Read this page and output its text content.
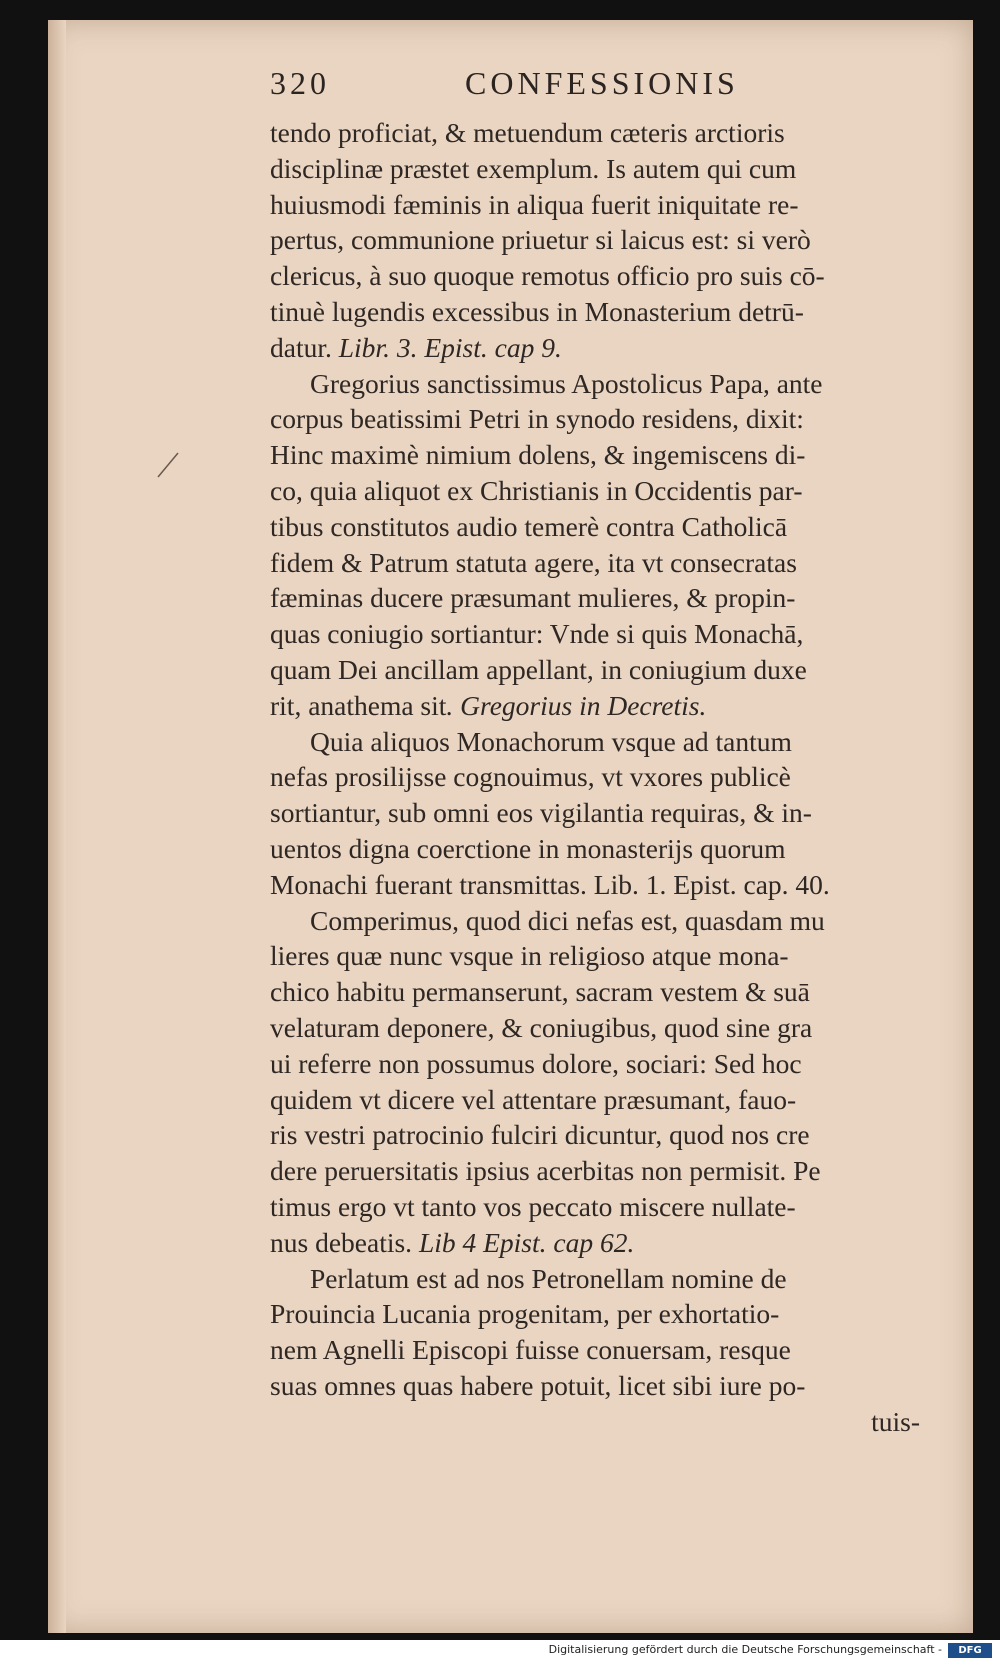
320	CONFESSIONIS
tendo proficiat, & metuendum cæteris arctioris
disciplinæ præstet exemplum. Is autem qui cum
huiusmodi fæminis in aliqua fuerit iniquitate re-
pertus, communione priuetur si laicus est: si verò
clericus, à suo quoque remotus officio pro suis cō-
tinuè lugendis excessibus in Monasterium detrū-
datur. Libr. 3. Epist. cap 9.
Gregorius sanctissimus Apostolicus Papa, ante
corpus beatissimi Petri in synodo residens, dixit:
Hinc maximè nimium dolens, & ingemiscens di-
co, quia aliquot ex Christianis in Occidentis par-
tibus constitutos audio temerè contra Catholicā
fidem & Patrum statuta agere, ita vt consecratas
fæminas ducere præsumant mulieres, & propin-
quas coniugio sortiantur: Vnde si quis Monachā,
quam Dei ancillam appellant, in coniugium duxe
rit, anathema sit. Gregorius in Decretis.
Quia aliquos Monachorum vsque ad tantum
nefas prosilijsse cognouimus, vt vxores publicè
sortiantur, sub omni eos vigilantia requiras, & in-
uentos digna coerctione in monasterijs quorum
Monachi fuerant transmittas. Lib. 1. Epist. cap. 40.
Comperimus, quod dici nefas est, quasdam mu
lieres quæ nunc vsque in religioso atque mona-
chico habitu permanserunt, sacram vestem & suā
velaturam deponere, & coniugibus, quod sine gra
ui referre non possumus dolore, sociari: Sed hoc
quidem vt dicere vel attentare præsumant, fauo-
ris vestri patrocinio fulciri dicuntur, quod nos cre
dere peruersitatis ipsius acerbitas non permisit. Pe
timus ergo vt tanto vos peccato miscere nullate-
nus debeatis. Lib 4 Epist. cap 62.
Perlatum est ad nos Petronellam nomine de
Prouincia Lucania progenitam, per exhortatio-
nem Agnelli Episcopi fuisse conuersam, resque
suas omnes quas habere potuit, licet sibi iure po-
tuis-
Digitalisierung gefördert durch die Deutsche Forschungsgemeinschaft -	DFG
